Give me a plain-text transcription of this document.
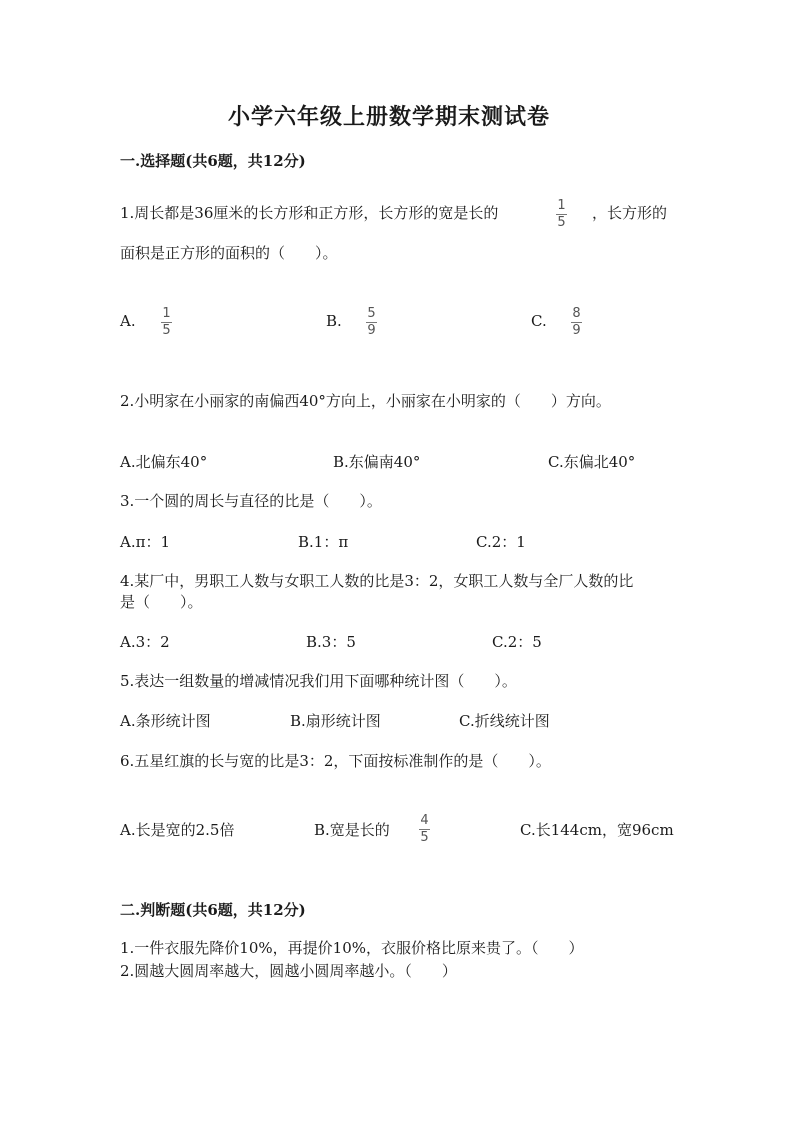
小学六年级上册数学期末测试卷
一.选择题(共6题，共12分)
1.周长都是36厘米的长方形和正方形，长方形的宽是长的	1
5
，长方形的
面积是正方形的面积的（　　）。
A. 1
5
B. 5
9
C. 8
9
2.小明家在小丽家的南偏西40°方向上，小丽家在小明家的（　　）方向。
A.北偏东40°	B.东偏南40°	C.东偏北40°
3.一个圆的周长与直径的比是（　　）。
A.π：1	B.1：π	C.2：1
4.某厂中，男职工人数与女职工人数的比是3：2，女职工人数与全厂人数的比
是（　　）。
A.3：2	B.3：5	C.2：5
5.表达一组数量的增减情况我们用下面哪种统计图（　　）。
A.条形统计图	B.扇形统计图	C.折线统计图
6.五星红旗的长与宽的比是3：2，下面按标准制作的是（　　）。
A.长是宽的2.5倍	B.宽是长的
4
5	C.长144cm，宽96cm
二.判断题(共6题，共12分)
1.一件衣服先降价10%，再提价10%，衣服价格比原来贵了。（　　）
2.圆越大圆周率越大，圆越小圆周率越小。（　　）
